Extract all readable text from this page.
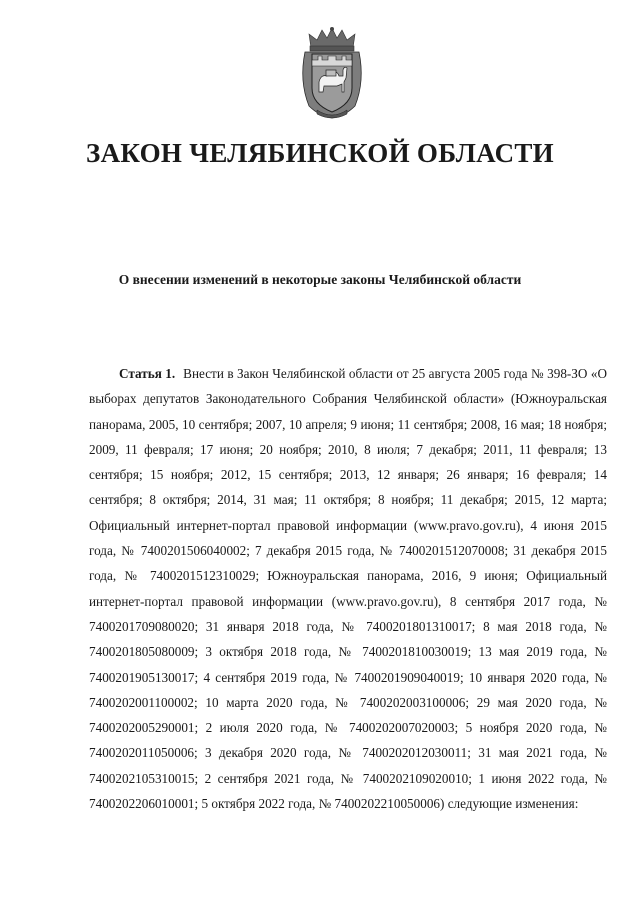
ЗАКОН ЧЕЛЯБИНСКОЙ ОБЛАСТИ
О внесении изменений в некоторые законы Челябинской области

Статья 1. Внести в Закон Челябинской области от 25 августа 2005 года № 398-ЗО «О выборах депутатов Законодательного Собрания Челябинской области» (Южноуральская панорама, 2005, 10 сентября; 2007, 10 апреля; 9 июня; 11 сентября; 2008, 16 мая; 18 ноября; 2009, 11 февраля; 17 июня; 20 ноября; 2010, 8 июля; 7 декабря; 2011, 11 февраля; 13 сентября; 15 ноября; 2012, 15 сентября; 2013, 12 января; 26 января; 16 февраля; 14 сентября; 8 октября; 2014, 31 мая; 11 октября; 8 ноября; 11 декабря; 2015, 12 марта; Официальный интернет-портал правовой информации (www.pravo.gov.ru), 4 июня 2015 года, № 7400201506040002; 7 декабря 2015 года, № 7400201512070008; 31 декабря 2015 года, № 7400201512310029; Южноуральская панорама, 2016, 9 июня; Официальный интернет-портал правовой информации (www.pravo.gov.ru), 8 сентября 2017 года, № 7400201709080020; 31 января 2018 года, № 7400201801310017; 8 мая 2018 года, № 7400201805080009; 3 октября 2018 года, № 7400201810030019; 13 мая 2019 года, № 7400201905130017; 4 сентября 2019 года, № 7400201909040019; 10 января 2020 года, № 7400202001100002; 10 марта 2020 года, № 7400202003100006; 29 мая 2020 года, № 7400202005290001; 2 июля 2020 года, № 7400202007020003; 5 ноября 2020 года, № 7400202011050006; 3 декабря 2020 года, № 7400202012030011; 31 мая 2021 года, № 7400202105310015; 2 сентября 2021 года, № 7400202109020010; 1 июня 2022 года, № 7400202206010001; 5 октября 2022 года, № 7400202210050006) следующие изменения:
